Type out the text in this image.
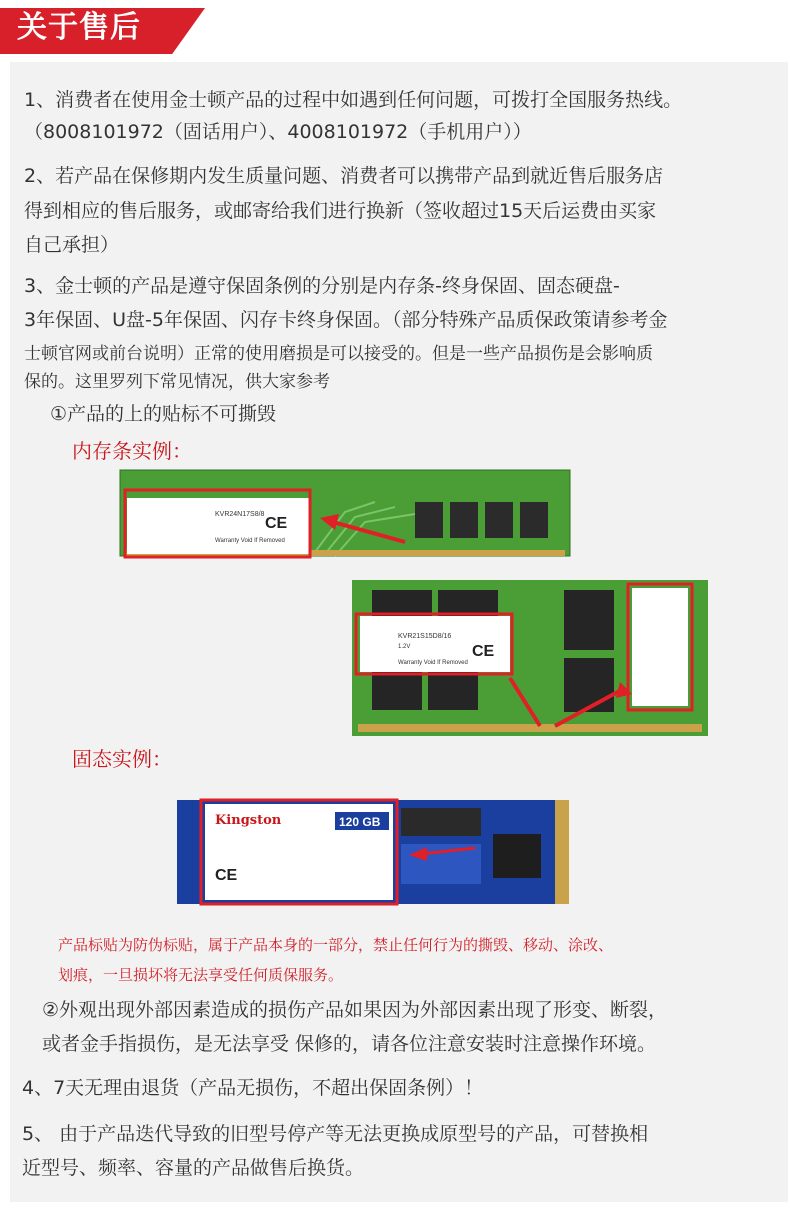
关于售后
1、消费者在使用金士顿产品的过程中如遇到任何问题，可拨打全国服务热线。
（8008101972（固话用户）、4008101972（手机用户））
2、若产品在保修期内发生质量问题、消费者可以携带产品到就近售后服务店
得到相应的售后服务，或邮寄给我们进行换新（签收超过15天后运费由买家
自己承担）
3、金士顿的产品是遵守保固条例的分别是内存条-终身保固、固态硬盘-
3年保固、U盘-5年保固、闪存卡终身保固。（部分特殊产品质保政策请参考金
士顿官网或前台说明）正常的使用磨损是可以接受的。但是一些产品损伤是会影响质
保的。这里罗列下常见情况，供大家参考
①产品的上的贴标不可撕毁
内存条实例：
KVR24N17S8/8
Warranty Void If Removed
CE
KVR21S15D8/16
1.2V
Warranty Void If Removed
CE
固态实例：
Kingston	120 GB
CE
产品标贴为防伪标贴，属于产品本身的一部分，禁止任何行为的撕毁、移动、涂改、
划痕，一旦损坏将无法享受任何质保服务。
②外观出现外部因素造成的损伤产品如果因为外部因素出现了形变、断裂，
或者金手指损伤，是无法享受 保修的，请各位注意安装时注意操作环境。
4、7天无理由退货（产品无损伤，不超出保固条例）！
5、 由于产品迭代导致的旧型号停产等无法更换成原型号的产品，可替换相
近型号、频率、容量的产品做售后换货。
